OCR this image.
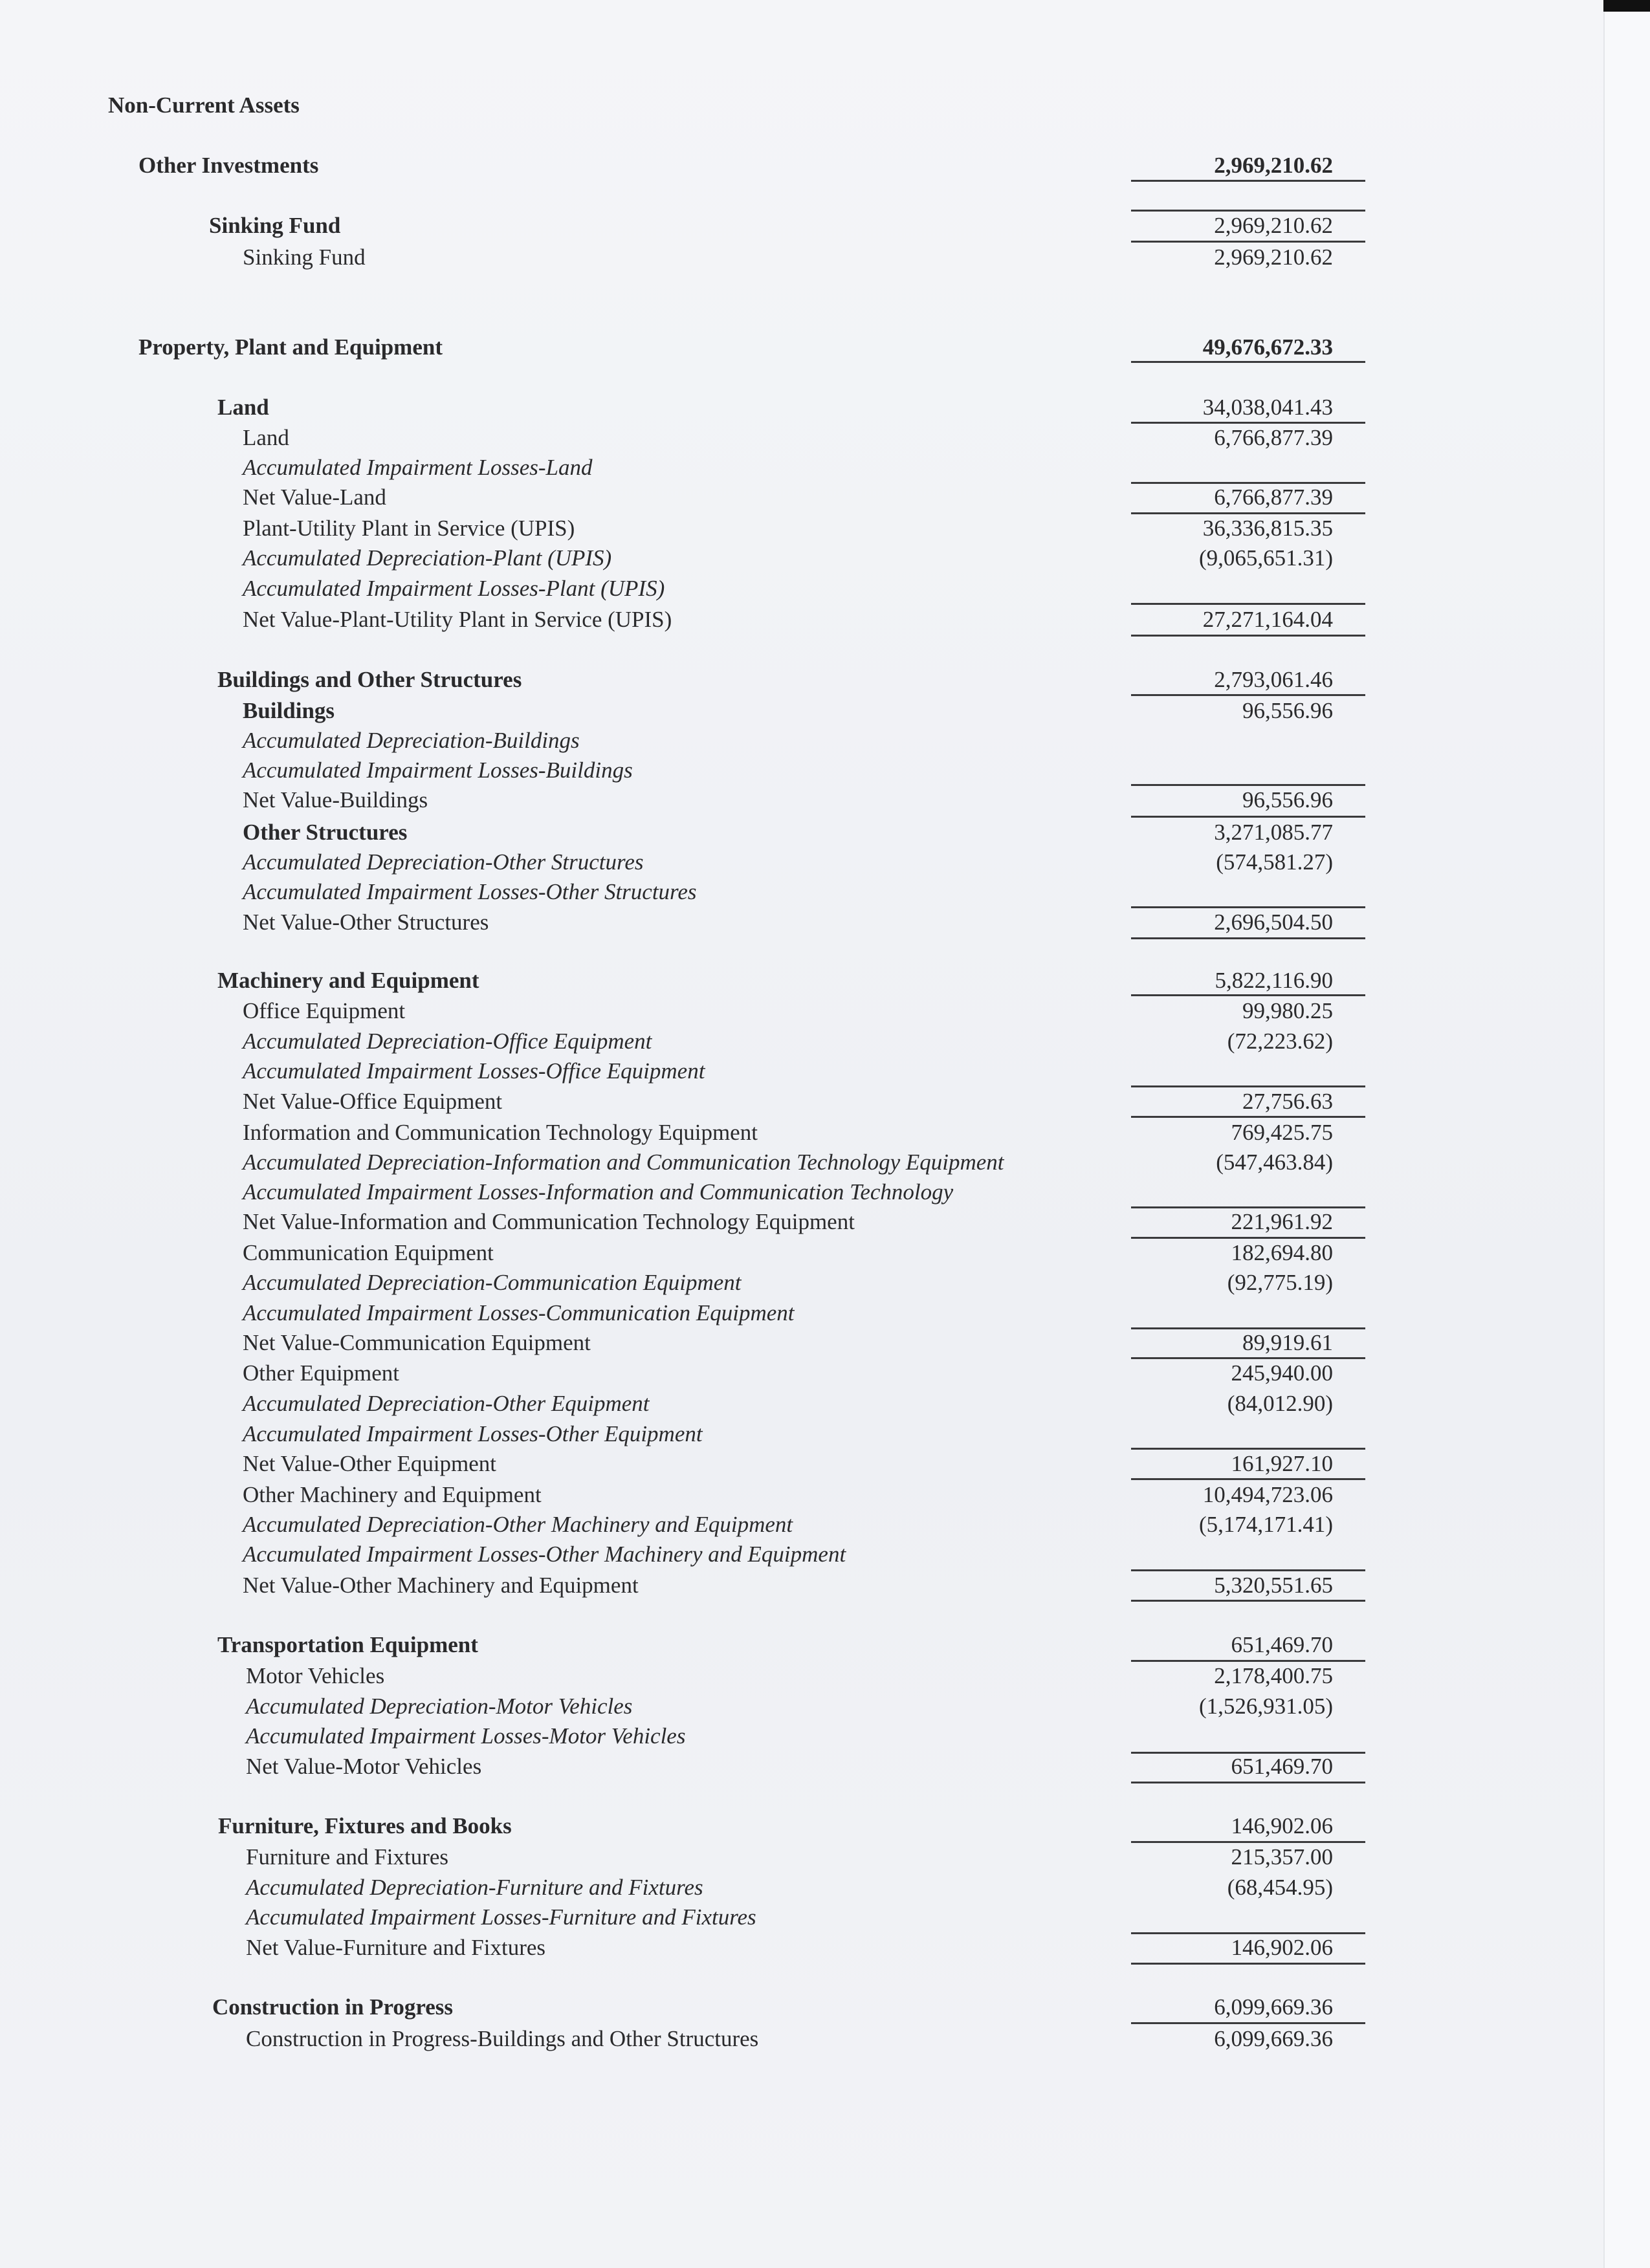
Non-Current Assets
Other Investments	2,969,210.62
Sinking Fund	2,969,210.62
Sinking Fund	2,969,210.62
Property, Plant and Equipment	49,676,672.33
Land	34,038,041.43
Land	6,766,877.39
Accumulated Impairment Losses-Land
Net Value-Land	6,766,877.39
Plant-Utility Plant in Service (UPIS)	36,336,815.35
Accumulated Depreciation-Plant (UPIS)	(9,065,651.31)
Accumulated Impairment Losses-Plant (UPIS)
Net Value-Plant-Utility Plant in Service (UPIS)	27,271,164.04
Buildings and Other Structures	2,793,061.46
Buildings	96,556.96
Accumulated Depreciation-Buildings
Accumulated Impairment Losses-Buildings
Net Value-Buildings	96,556.96
Other Structures	3,271,085.77
Accumulated Depreciation-Other Structures	(574,581.27)
Accumulated Impairment Losses-Other Structures
Net Value-Other Structures	2,696,504.50
Machinery and Equipment	5,822,116.90
Office Equipment	99,980.25
Accumulated Depreciation-Office Equipment	(72,223.62)
Accumulated Impairment Losses-Office Equipment
Net Value-Office Equipment	27,756.63
Information and Communication Technology Equipment	769,425.75
Accumulated Depreciation-Information and Communication Technology Equipment	(547,463.84)
Accumulated Impairment Losses-Information and Communication Technology
Net Value-Information and Communication Technology Equipment	221,961.92
Communication Equipment	182,694.80
Accumulated Depreciation-Communication Equipment	(92,775.19)
Accumulated Impairment Losses-Communication Equipment
Net Value-Communication Equipment	89,919.61
Other Equipment	245,940.00
Accumulated Depreciation-Other Equipment	(84,012.90)
Accumulated Impairment Losses-Other Equipment
Net Value-Other Equipment	161,927.10
Other Machinery and Equipment	10,494,723.06
Accumulated Depreciation-Other Machinery and Equipment	(5,174,171.41)
Accumulated Impairment Losses-Other Machinery and Equipment
Net Value-Other Machinery and Equipment	5,320,551.65
Transportation Equipment	651,469.70
Motor Vehicles	2,178,400.75
Accumulated Depreciation-Motor Vehicles	(1,526,931.05)
Accumulated Impairment Losses-Motor Vehicles
Net Value-Motor Vehicles	651,469.70
Furniture, Fixtures and Books	146,902.06
Furniture and Fixtures	215,357.00
Accumulated Depreciation-Furniture and Fixtures	(68,454.95)
Accumulated Impairment Losses-Furniture and Fixtures
Net Value-Furniture and Fixtures	146,902.06
Construction in Progress	6,099,669.36
Construction in Progress-Buildings and Other Structures	6,099,669.36
